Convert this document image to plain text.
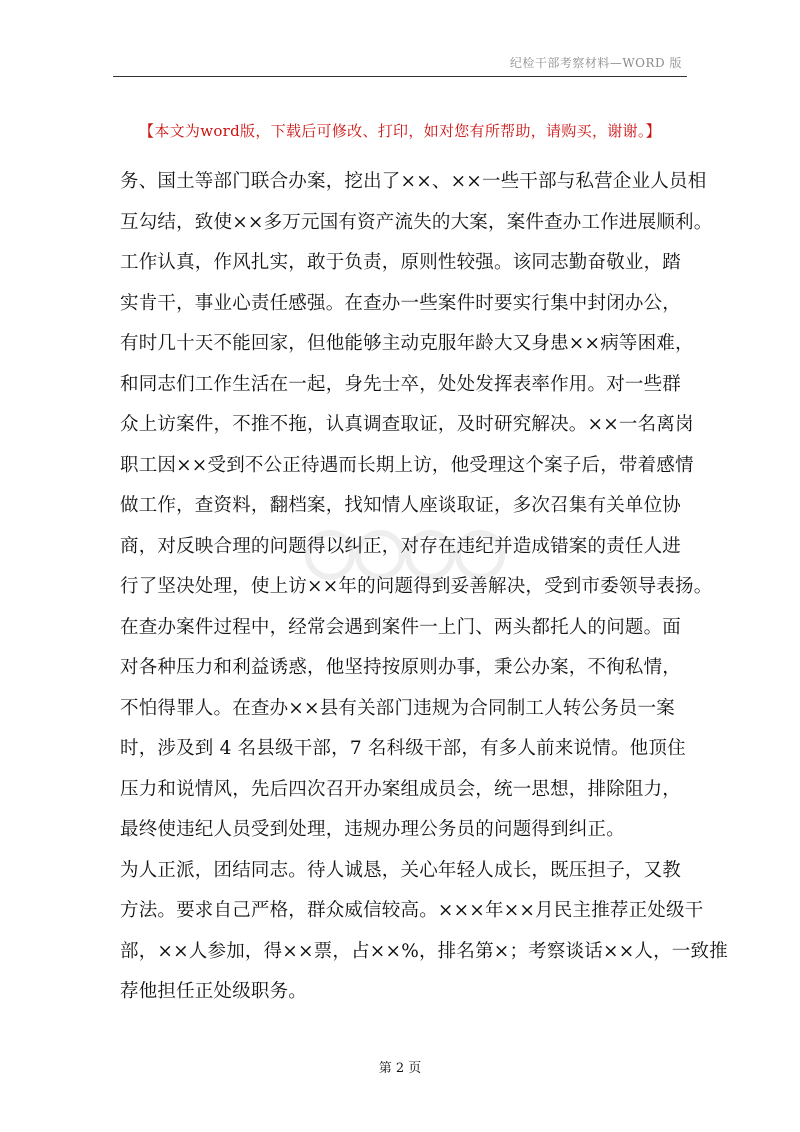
纪检干部考察材料—WORD 版
【本文为word版，下载后可修改、打印，如对您有所帮助，请购买，谢谢。】
务、国土等部门联合办案，挖出了××、××一些干部与私营企业人员相
互勾结，致使××多万元国有资产流失的大案，案件查办工作进展顺利。
工作认真，作风扎实，敢于负责，原则性较强。该同志勤奋敬业，踏
实肯干，事业心责任感强。在查办一些案件时要实行集中封闭办公，
有时几十天不能回家，但他能够主动克服年龄大又身患××病等困难，
和同志们工作生活在一起，身先士卒，处处发挥表率作用。对一些群
众上访案件，不推不拖，认真调查取证，及时研究解决。××一名离岗
职工因××受到不公正待遇而长期上访，他受理这个案子后，带着感情
做工作，查资料，翻档案，找知情人座谈取证，多次召集有关单位协
商，对反映合理的问题得以纠正，对存在违纪并造成错案的责任人进
行了坚决处理，使上访××年的问题得到妥善解决，受到市委领导表扬。
在查办案件过程中，经常会遇到案件一上门、两头都托人的问题。面
对各种压力和利益诱惑，他坚持按原则办事，秉公办案，不徇私情，
不怕得罪人。在查办××县有关部门违规为合同制工人转公务员一案
时，涉及到 4 名县级干部，7 名科级干部，有多人前来说情。他顶住
压力和说情风，先后四次召开办案组成员会，统一思想，排除阻力，
最终使违纪人员受到处理，违规办理公务员的问题得到纠正。
为人正派，团结同志。待人诚恳，关心年轻人成长，既压担子，又教
方法。要求自己严格，群众威信较高。×××年××月民主推荐正处级干
部，××人参加，得××票，占××%，排名第×；考察谈话××人，一致推
荐他担任正处级职务。
第 2 页
